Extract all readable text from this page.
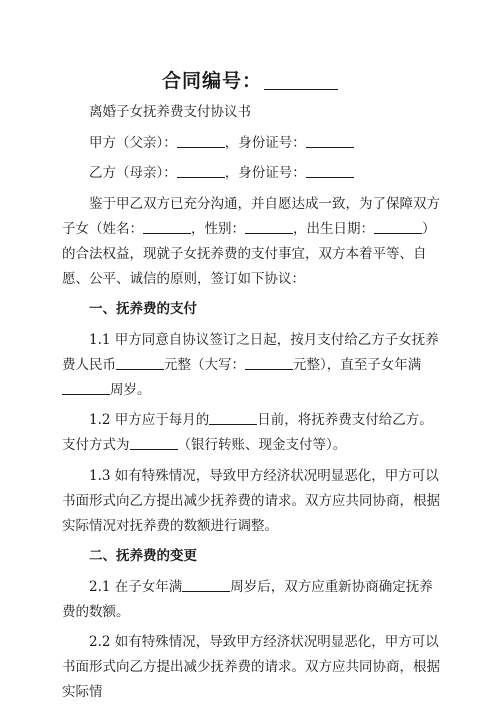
合同编号：

离婚子女抚养费支付协议书

甲方（父亲）：	，身份证号：

乙方（母亲）：	，身份证号：

鉴于甲乙双方已充分沟通，并自愿达成一致，为了保障双方子女（姓名：	，性别：	，出生日期：	）的合法权益，现就子女抚养费的支付事宜，双方本着平等、自愿、公平、诚信的原则，签订如下协议：

一、抚养费的支付

1.1 甲方同意自协议签订之日起，按月支付给乙方子女抚养费人民币	元整（大写：	元整），直至子女年满周岁。

1.2 甲方应于每月的	日前，将抚养费支付给乙方。支付方式为	（银行转账、现金支付等）。

1.3 如有特殊情况，导致甲方经济状况明显恶化，甲方可以书面形式向乙方提出减少抚养费的请求。双方应共同协商，根据实际情况对抚养费的数额进行调整。

二、抚养费的变更

2.1 在子女年满	周岁后，双方应重新协商确定抚养费的数额。

2.2 如有特殊情况，导致甲方经济状况明显恶化，甲方可以书面形式向乙方提出减少抚养费的请求。双方应共同协商，根据实际情
